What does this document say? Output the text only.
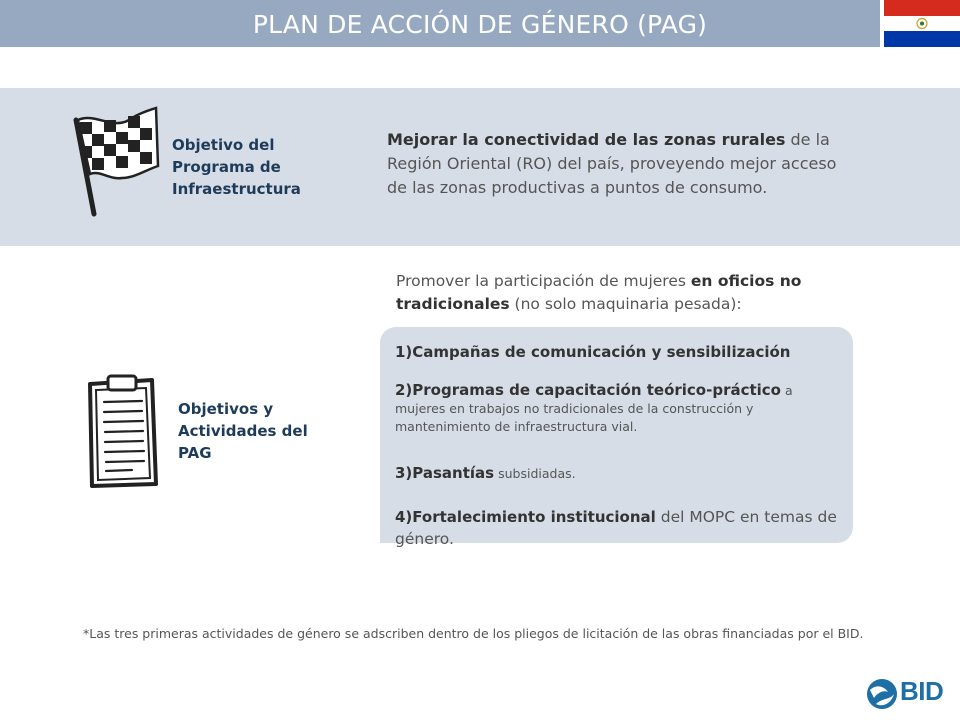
PLAN DE ACCIÓN DE GÉNERO (PAG)
Objetivo del Programa de Infraestructura
Mejorar la conectividad de las zonas rurales de la Región Oriental (RO) del país, proveyendo mejor acceso de las zonas productivas a puntos de consumo.
Promover la participación de mujeres en oficios no tradicionales (no solo maquinaria pesada):
Objetivos y Actividades del PAG
1)Campañas de comunicación y sensibilización
2)Programas de capacitación teórico-práctico a mujeres en trabajos no tradicionales de la construcción y mantenimiento de infraestructura vial.
3)Pasantías subsidiadas.
4)Fortalecimiento institucional del MOPC en temas de género.
*Las tres primeras actividades de género se adscriben dentro de los pliegos de licitación de las obras financiadas por el BID.
BID
